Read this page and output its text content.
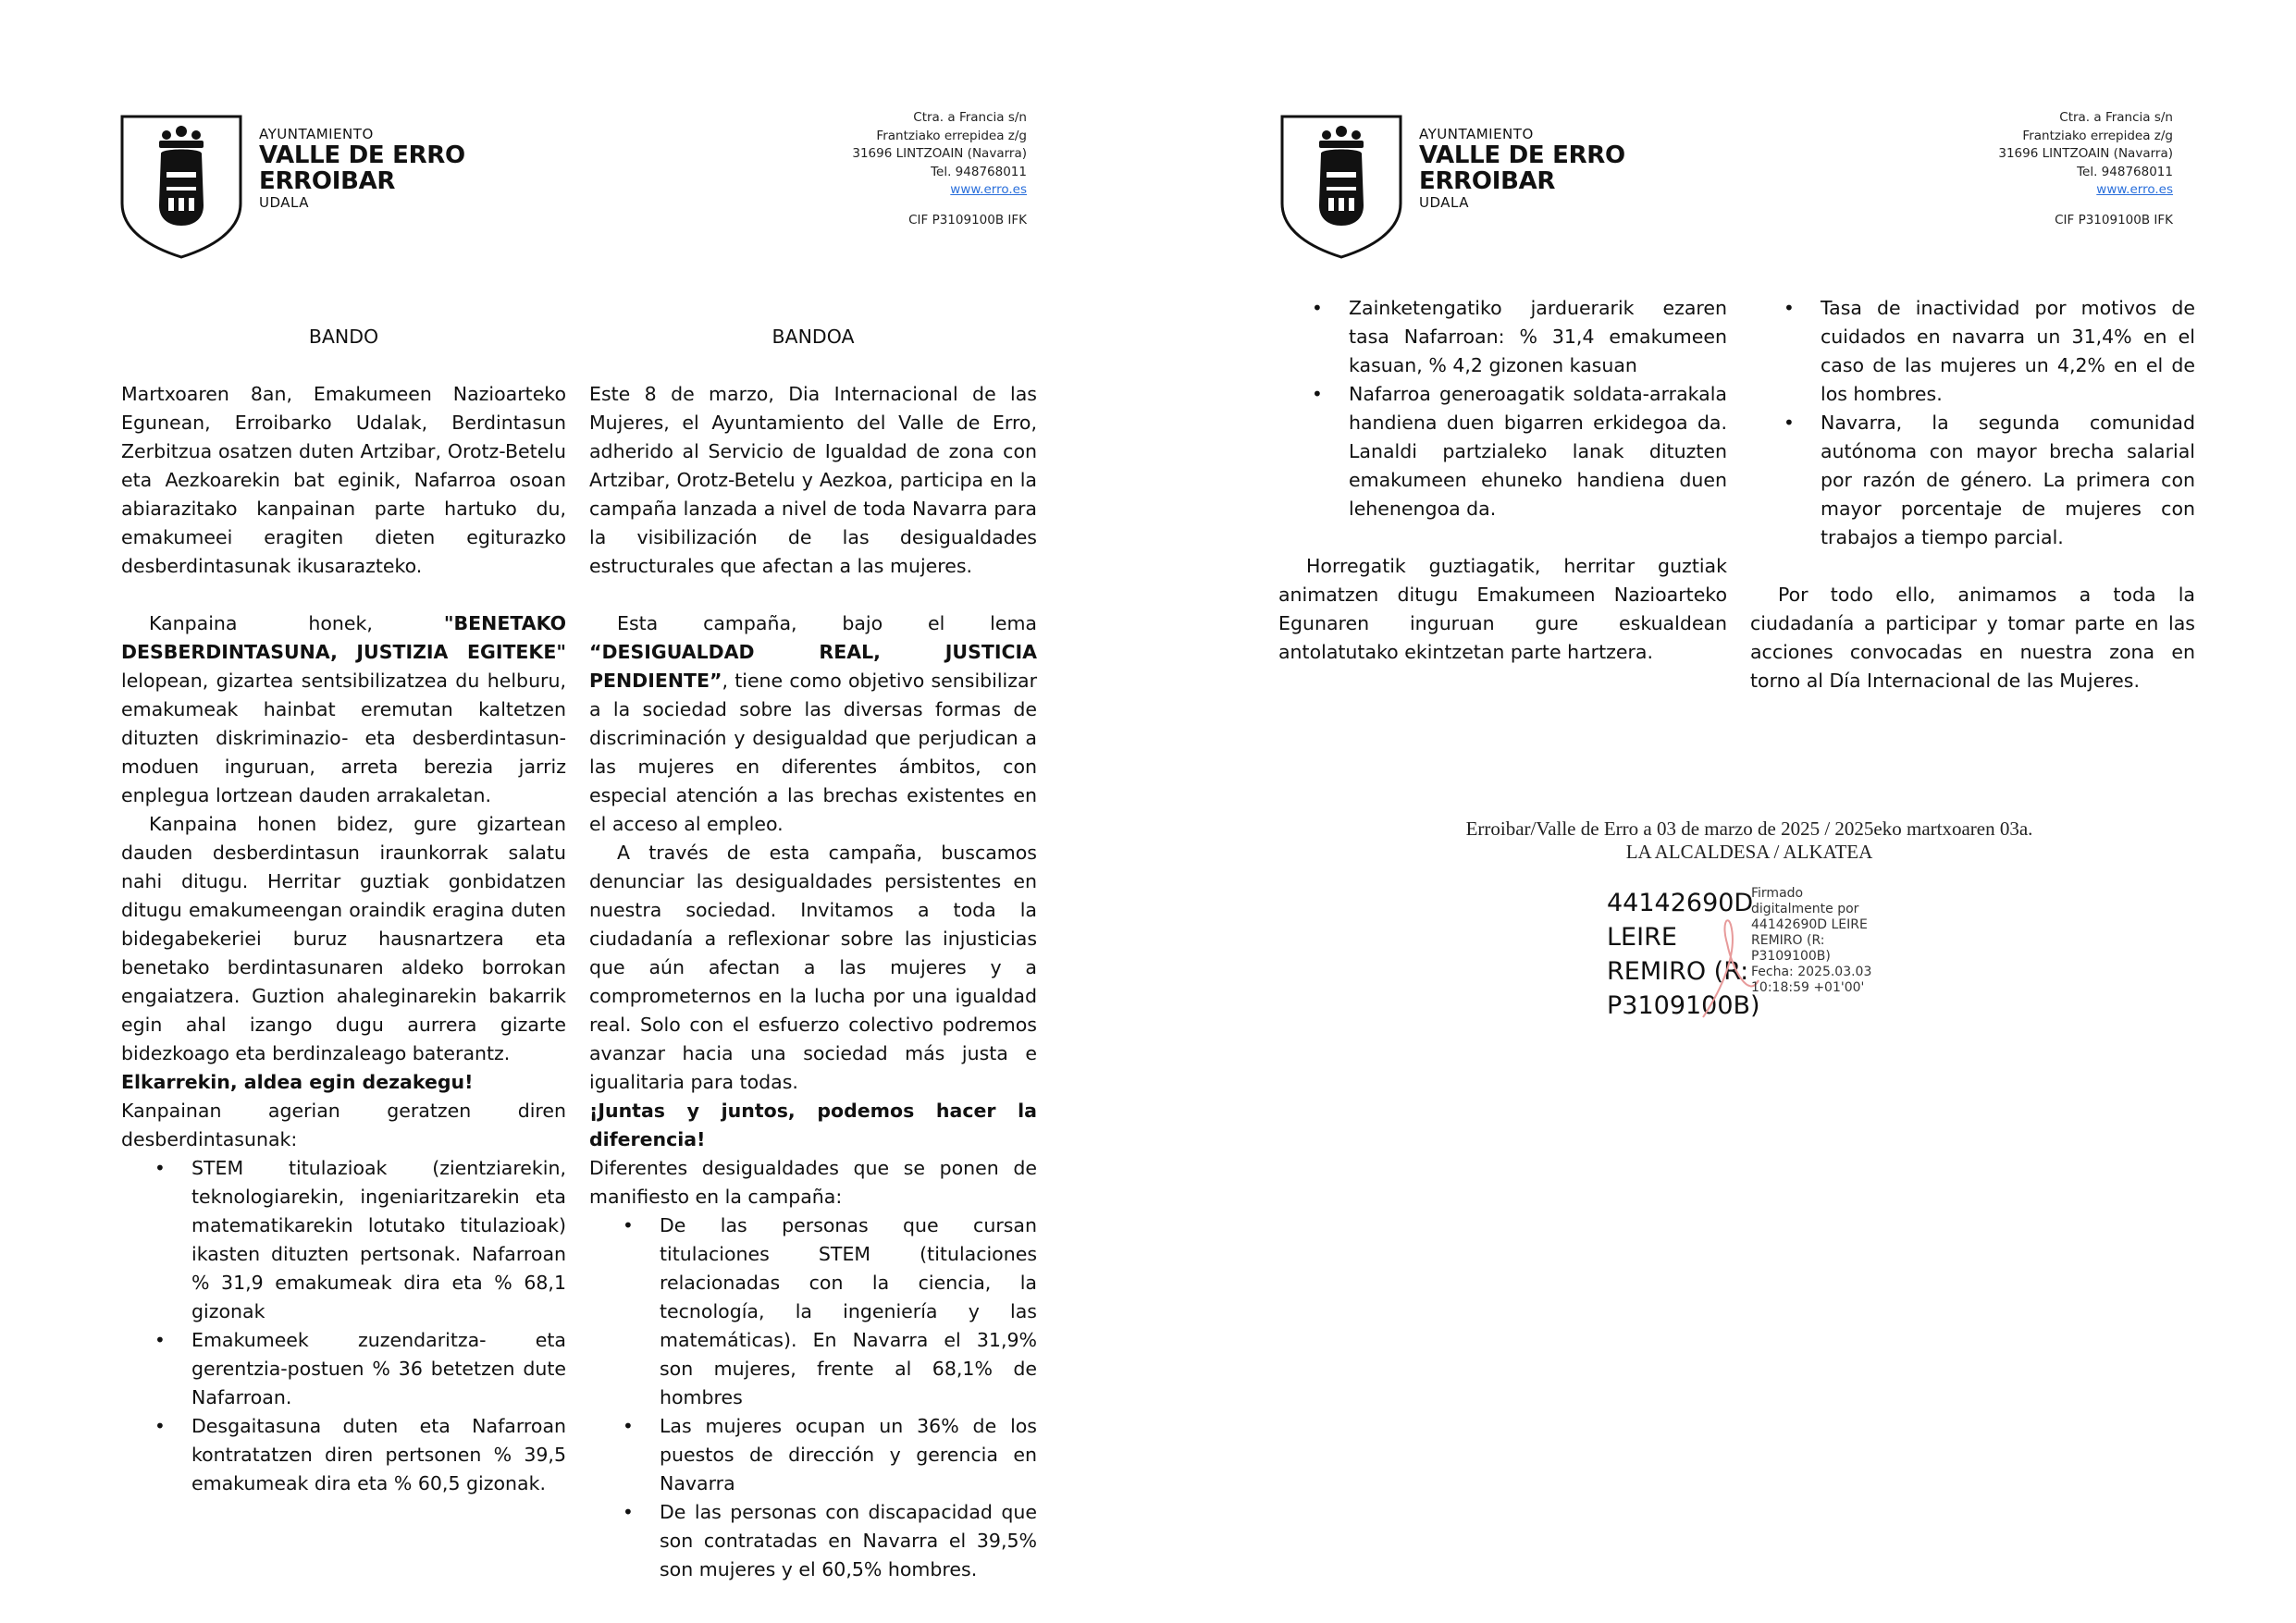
AYUNTAMIENTO
VALLE DE ERRO
ERROIBAR
UDALA
Ctra. a Francia s/n
Frantziako errepidea z/g
31696 LINTZOAIN (Navarra)
Tel. 948768011
www.erro.es
CIF P3109100B IFK

BANDO

Martxoaren 8an, Emakumeen Nazioarteko Egunean, Erroibarko Udalak, Berdintasun Zerbitzua osatzen duten Artzibar, Orotz-Betelu eta Aezkoarekin bat eginik, Nafarroa osoan abiarazitako kanpainan parte hartuko du, emakumeei eragiten dieten egiturazko desberdintasunak ikusarazteko.

Kanpaina honek, "BENETAKO DESBERDINTASUNA, JUSTIZIA EGITEKE" lelopean, gizartea sentsibilizatzea du helburu, emakumeak hainbat eremutan kaltetzen dituzten diskriminazio- eta desberdintasun-moduen inguruan, arreta berezia jarriz enplegua lortzean dauden arrakaletan.

Kanpaina honen bidez, gure gizartean dauden desberdintasun iraunkorrak salatu nahi ditugu. Herritar guztiak gonbidatzen ditugu emakumeengan oraindik eragina duten bidegabekeriei buruz hausnartzera eta benetako berdintasunaren aldeko borrokan engaiatzera. Guztion ahaleginarekin bakarrik egin ahal izango dugu aurrera gizarte bidezkoago eta berdinzaleago baterantz.

Elkarrekin, aldea egin dezakegu!

Kanpainan agerian geratzen diren desberdintasunak:

• STEM titulazioak (zientziarekin, teknologiarekin, ingeniaritzarekin eta matematikarekin lotutako titulazioak) ikasten dituzten pertsonak. Nafarroan % 31,9 emakumeak dira eta % 68,1 gizonak
• Emakumeek zuzendaritza- eta gerentzia-postuen % 36 betetzen dute Nafarroan.
• Desgaitasuna duten eta Nafarroan kontratatzen diren pertsonen % 39,5 emakumeak dira eta % 60,5 gizonak.

BANDOA

Este 8 de marzo, Dia Internacional de las Mujeres, el Ayuntamiento del Valle de Erro, adherido al Servicio de Igualdad de zona con Artzibar, Orotz-Betelu y Aezkoa, participa en la campaña lanzada a nivel de toda Navarra para la visibilización de las desigualdades estructurales que afectan a las mujeres.

Esta campaña, bajo el lema “DESIGUALDAD REAL, JUSTICIA PENDIENTE”, tiene como objetivo sensibilizar a la sociedad sobre las diversas formas de discriminación y desigualdad que perjudican a las mujeres en diferentes ámbitos, con especial atención a las brechas existentes en el acceso al empleo.

A través de esta campaña, buscamos denunciar las desigualdades persistentes en nuestra sociedad. Invitamos a toda la ciudadanía a reflexionar sobre las injusticias que aún afectan a las mujeres y a comprometernos en la lucha por una igualdad real. Solo con el esfuerzo colectivo podremos avanzar hacia una sociedad más justa e igualitaria para todas.

¡Juntas y juntos, podemos hacer la diferencia!

Diferentes desigualdades que se ponen de manifiesto en la campaña:

• De las personas que cursan titulaciones STEM (titulaciones relacionadas con la ciencia, la tecnología, la ingeniería y las matemáticas). En Navarra el 31,9% son mujeres, frente al 68,1% de hombres
• Las mujeres ocupan un 36% de los puestos de dirección y gerencia en Navarra
• De las personas con discapacidad que son contratadas en Navarra el 39,5% son mujeres y el 60,5% hombres.
AYUNTAMIENTO
VALLE DE ERRO
ERROIBAR
UDALA
Ctra. a Francia s/n
Frantziako errepidea z/g
31696 LINTZOAIN (Navarra)
Tel. 948768011
www.erro.es
CIF P3109100B IFK
• Zainketengatiko jarduerarik ezaren tasa Nafarroan: % 31,4 emakumeen kasuan, % 4,2 gizonen kasuan
• Nafarroa generoagatik soldata-arrakala handiena duen bigarren erkidegoa da. Lanaldi partzialeko lanak dituzten emakumeen ehuneko handiena duen lehenengoa da.

Horregatik guztiagatik, herritar guztiak animatzen ditugu Emakumeen Nazioarteko Egunaren inguruan gure eskualdean antolatutako ekintzetan parte hartzera.

• Tasa de inactividad por motivos de cuidados en navarra un 31,4% en el caso de las mujeres un 4,2% en el de los hombres.
• Navarra, la segunda comunidad autónoma con mayor brecha salarial por razón de género. La primera con mayor porcentaje de mujeres con trabajos a tiempo parcial.

Por todo ello, animamos a toda la ciudadanía a participar y tomar parte en las acciones convocadas en nuestra zona en torno al Día Internacional de las Mujeres.

Erroibar/Valle de Erro a 03 de marzo de 2025 / 2025eko martxoaren 03a.
LA ALCALDESA / ALKATEA
44142690D
LEIRE
REMIRO (R:
P3109100B)
Firmado
digitalmente por
44142690D LEIRE
REMIRO (R:
P3109100B)
Fecha: 2025.03.03
10:18:59 +01'00'
